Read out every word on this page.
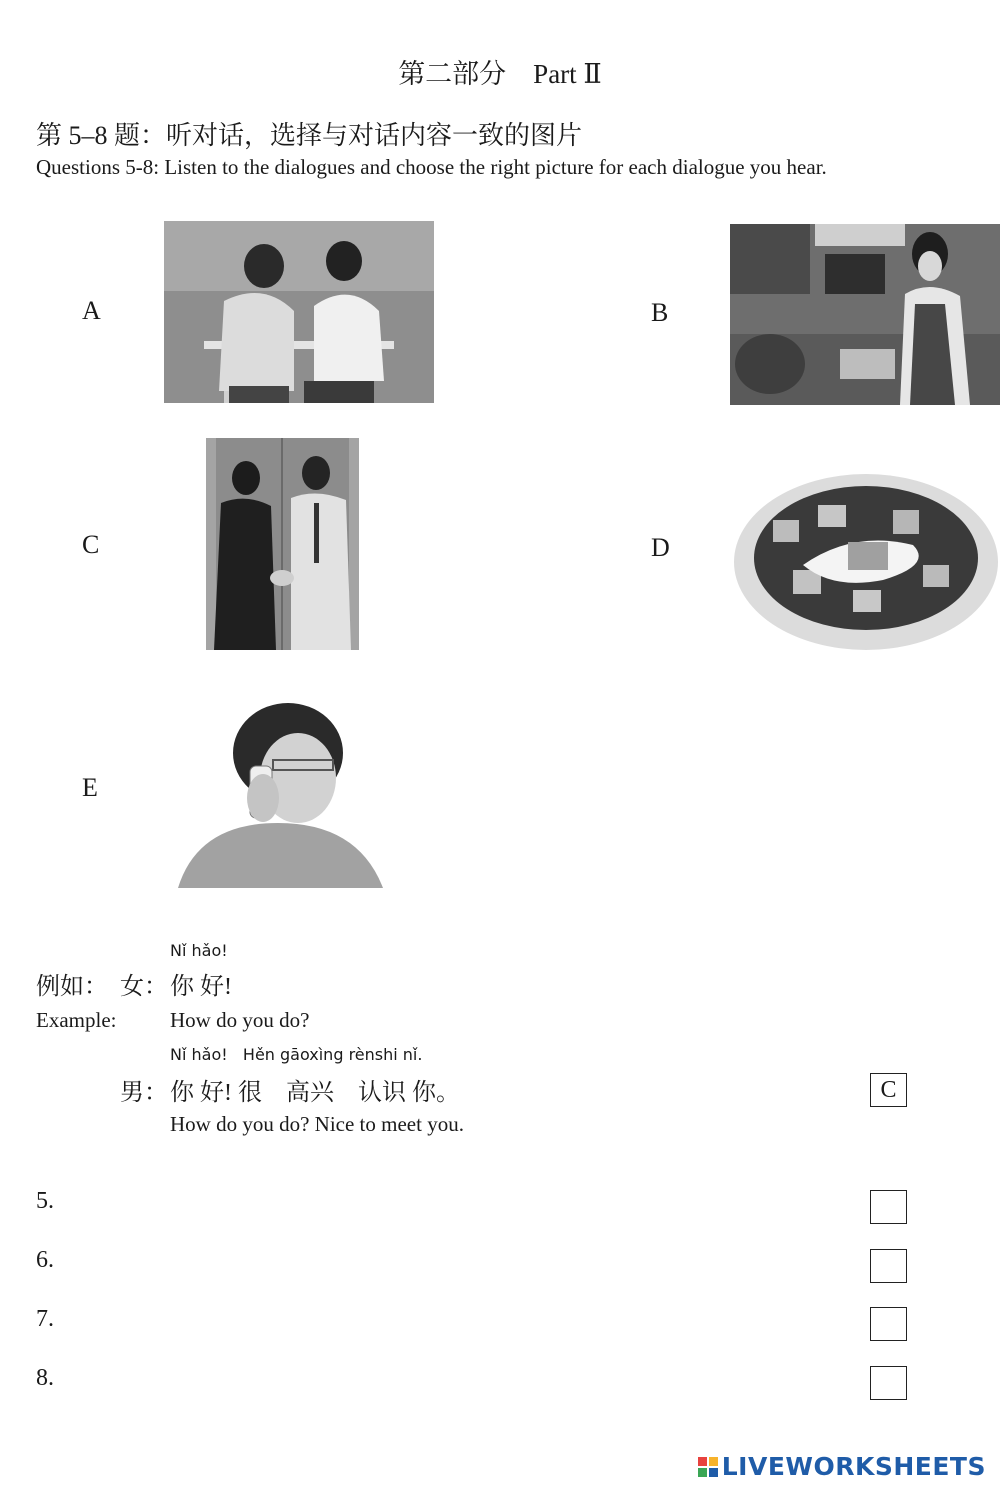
第二部分　Part Ⅱ
第 5–8 题：听对话，选择与对话内容一致的图片
Questions 5-8: Listen to the dialogues and choose the right picture for each dialogue you hear.
A	B
C	D
E
Nǐ hǎo!
例如： 女： 你 好!
Example:	How do you do?
Nǐ hǎo!   Hěn gāoxìng rènshi nǐ.
男： 你 好! 很　高兴　认识 你。
How do you do? Nice to meet you.
C
5.
6.
7.
8.
LIVEWORKSHEETS
